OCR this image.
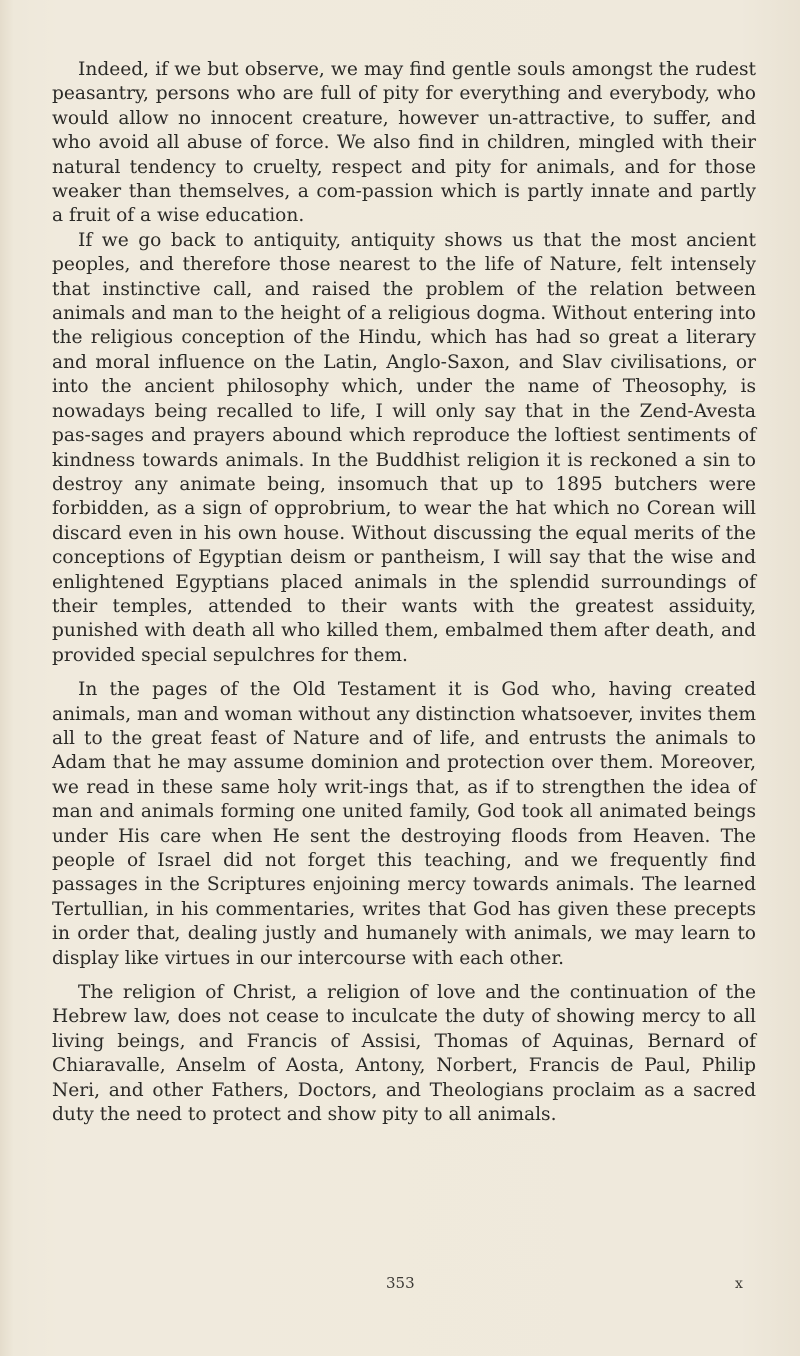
Indeed, if we but observe, we may find gentle souls amongst the rudest peasantry, persons who are full of pity for everything and everybody, who would allow no innocent creature, however un-attractive, to suffer, and who avoid all abuse of force. We also find in children, mingled with their natural tendency to cruelty, respect and pity for animals, and for those weaker than themselves, a com-passion which is partly innate and partly a fruit of a wise education.

If we go back to antiquity, antiquity shows us that the most ancient peoples, and therefore those nearest to the life of Nature, felt intensely that instinctive call, and raised the problem of the relation between animals and man to the height of a religious dogma. Without entering into the religious conception of the Hindu, which has had so great a literary and moral influence on the Latin, Anglo-Saxon, and Slav civilisations, or into the ancient philosophy which, under the name of Theosophy, is nowadays being recalled to life, I will only say that in the Zend-Avesta pas-sages and prayers abound which reproduce the loftiest sentiments of kindness towards animals. In the Buddhist religion it is reckoned a sin to destroy any animate being, insomuch that up to 1895 butchers were forbidden, as a sign of opprobrium, to wear the hat which no Corean will discard even in his own house. Without discussing the equal merits of the conceptions of Egyptian deism or pantheism, I will say that the wise and enlightened Egyptians placed animals in the splendid surroundings of their temples, attended to their wants with the greatest assiduity, punished with death all who killed them, embalmed them after death, and provided special sepulchres for them.

In the pages of the Old Testament it is God who, having created animals, man and woman without any distinction whatsoever, invites them all to the great feast of Nature and of life, and entrusts the animals to Adam that he may assume dominion and protection over them. Moreover, we read in these same holy writ-ings that, as if to strengthen the idea of man and animals forming one united family, God took all animated beings under His care when He sent the destroying floods from Heaven. The people of Israel did not forget this teaching, and we frequently find passages in the Scriptures enjoining mercy towards animals. The learned Tertullian, in his commentaries, writes that God has given these precepts in order that, dealing justly and humanely with animals, we may learn to display like virtues in our intercourse with each other.

The religion of Christ, a religion of love and the continuation of the Hebrew law, does not cease to inculcate the duty of showing mercy to all living beings, and Francis of Assisi, Thomas of Aquinas, Bernard of Chiaravalle, Anselm of Aosta, Antony, Norbert, Francis de Paul, Philip Neri, and other Fathers, Doctors, and Theologians proclaim as a sacred duty the need to protect and show pity to all animals.

353	x
